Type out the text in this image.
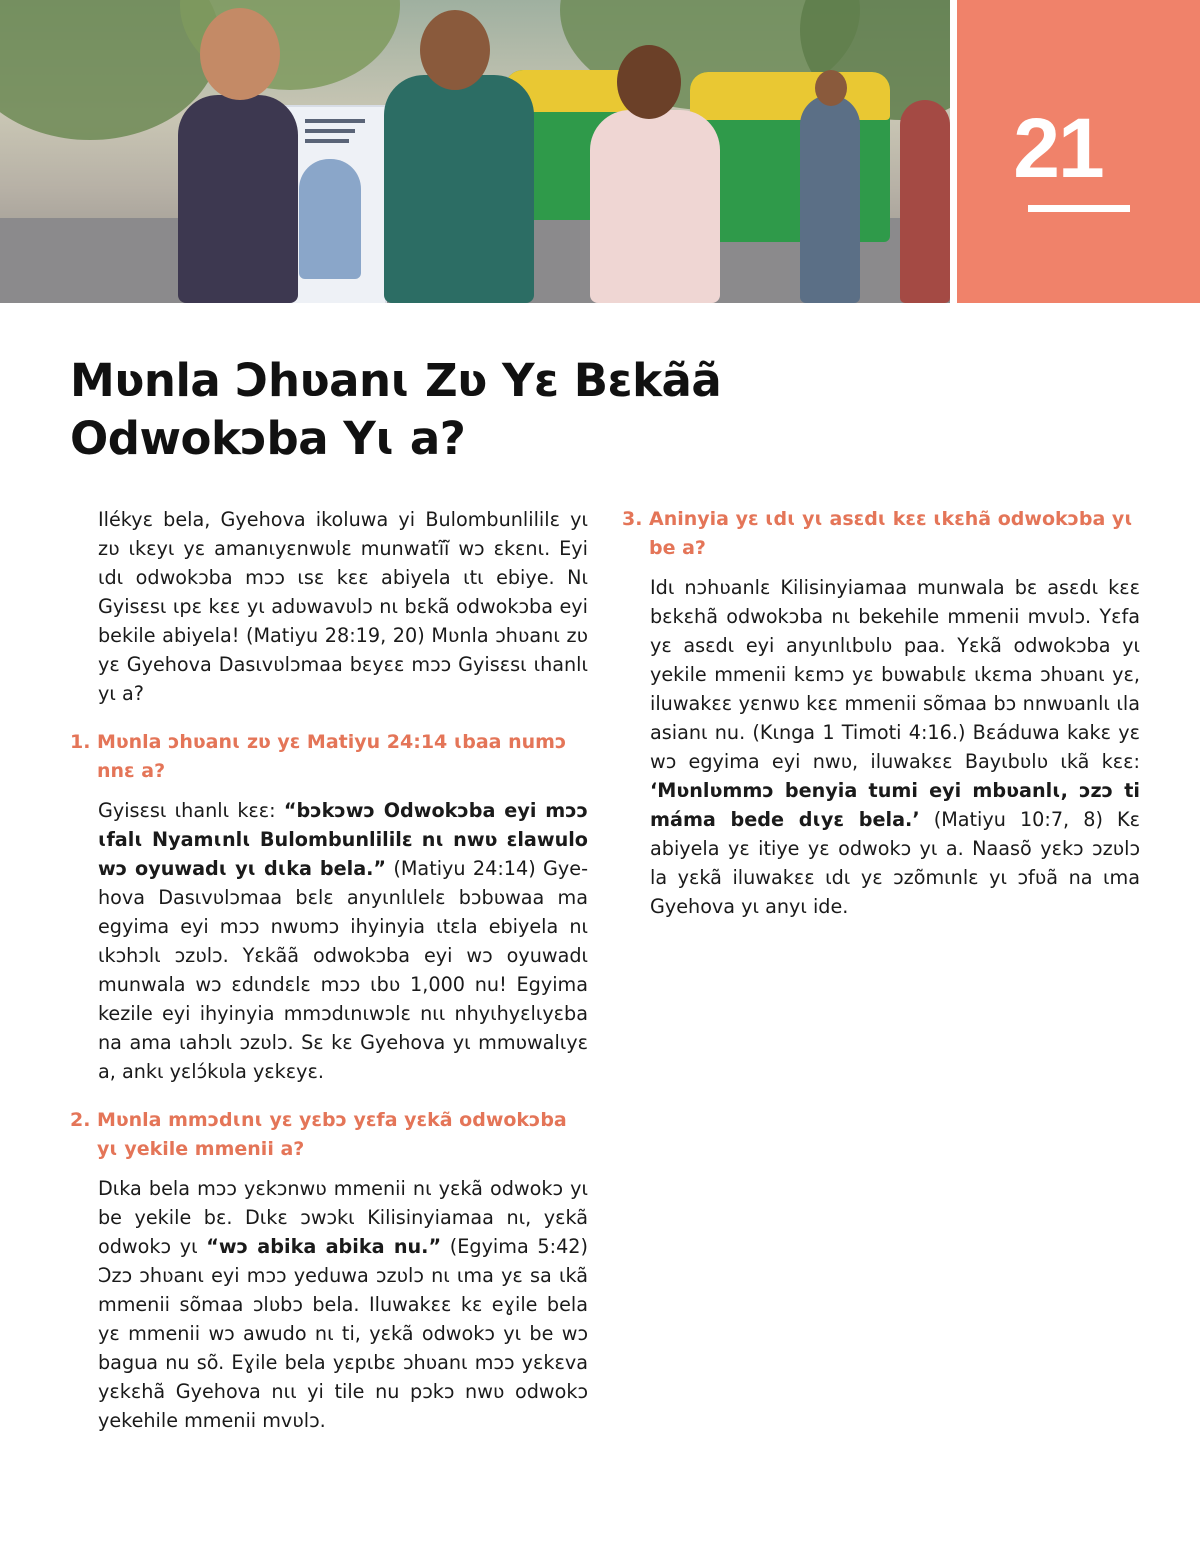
21
Mʋnla Ɔhʋanɩ Zʋ Yɛ Bɛkãã Odwokɔba Yɩ a?

Ilékyɛ bela, Gyehova ikoluwa yi Bulombunlililɛ yɩ zʋ ɩkɛyɩ yɛ amanɩyɛnwʋlɛ munwatĩĩ wɔ ɛkɛnɩ. Eyi ɩdɩ odwokɔba mɔɔ ɩsɛ kɛɛ abiyela ɩtɩ ebiye. Nɩ Gyisɛsɩ ɩpɛ kɛɛ yɩ adʋwavʋlɔ nɩ bɛkã odwokɔba eyi bekile abiyela! (Matiyu 28:19, 20) Mʋnla ɔhʋanɩ zʋ yɛ Gyehova Dasɩvʋlɔmaa bɛyɛɛ mɔɔ Gyisɛsɩ ɩhanlɩ yɩ a?

1. Mʋnla ɔhʋanɩ zʋ yɛ Matiyu 24:14 ɩbaa numɔ nnɛ a?

Gyisɛsɩ ɩhanlɩ kɛɛ: “bɔkɔwɔ Odwokɔba eyi mɔɔ ɩfalɩ Nyamɩnlɩ Bulombunlililɛ nɩ nwʋ ɛlawulo wɔ oyuwadɩ yɩ dɩka bela.” (Matiyu 24:14) Gyehova Dasɩvʋlɔmaa bɛlɛ anyɩnlɩlelɛ bɔbʋwaa ma egyima eyi mɔɔ nwʋmɔ ihyinyia ɩtɛla ebiyela nɩ ɩkɔhɔlɩ ɔzʋlɔ. Yɛkãã odwokɔba eyi wɔ oyuwadɩ munwala wɔ ɛdɩndɛlɛ mɔɔ ɩbʋ 1,000 nu! Egyima kezile eyi ihyinyia mmɔdɩnɩwɔlɛ nɩɩ nhyɩhyɛlɩyɛba na ama ɩahɔlɩ ɔzʋlɔ. Sɛ kɛ Gyehova yɩ mmʋwalɩyɛ a, ankɩ yɛlɔ́kʋla yɛkɛyɛ.

2. Mʋnla mmɔdɩnɩ yɛ yɛbɔ yɛfa yɛkã odwokɔba yɩ yekile mmenii a?

Dɩka bela mɔɔ yɛkɔnwʋ mmenii nɩ yɛkã odwokɔ yɩ be yekile bɛ. Dɩkɛ ɔwɔkɩ Kilisinyiamaa nɩ, yɛkã odwokɔ yɩ “wɔ abika abika nu.” (Egyima 5:42) Ɔzɔ ɔhʋanɩ eyi mɔɔ yeduwa ɔzʋlɔ nɩ ɩma yɛ sa ɩkã mmenii sõmaa ɔlʋbɔ bela. Iluwakɛɛ kɛ eɣile bela yɛ mmenii wɔ awudo nɩ ti, yɛkã odwokɔ yɩ be wɔ bagua nu sõ. Eɣile bela yɛpɩbɛ ɔhʋanɩ mɔɔ yɛkɛva yɛkɛhã Gyehova nɩɩ yi tile nu pɔkɔ nwʋ odwokɔ yekehile mmenii mvʋlɔ.

3. Aninyia yɛ ɩdɩ yɩ asɛdɩ kɛɛ ɩkɛhã odwokɔba yɩ be a?

Idɩ nɔhʋanlɛ Kilisinyiamaa munwala bɛ asɛdɩ kɛɛ bɛkɛhã odwokɔba nɩ bekehile mmenii mvʋlɔ. Yɛfa yɛ asɛdɩ eyi anyɩnlɩbʋlʋ paa. Yɛkã odwokɔba yɩ yekile mmenii kɛmɔ yɛ bʋwabɩlɛ ɩkɛma ɔhʋanɩ yɛ, iluwakɛɛ yɛnwʋ kɛɛ mmenii sõmaa bɔ nnwʋanlɩ ɩla asianɩ nu. (Kɩnga 1 Timoti 4:16.) Bɛáduwa kakɛ yɛ wɔ egyima eyi nwʋ, iluwakɛɛ Bayɩbʋlʋ ɩkã kɛɛ: ‘Mʋnlʋmmɔ benyia tumi eyi mbʋanlɩ, ɔzɔ ti máma bede dɩyɛ bela.’ (Matiyu 10:7, 8) Kɛ abiyela yɛ itiye yɛ odwokɔ yɩ a. Naasõ yɛkɔ ɔzʋlɔ la yɛkã iluwakɛɛ ɩdɩ yɛ ɔzõmɩnlɛ yɩ ɔfʋã na ɩma Gyehova yɩ anyɩ ide.
